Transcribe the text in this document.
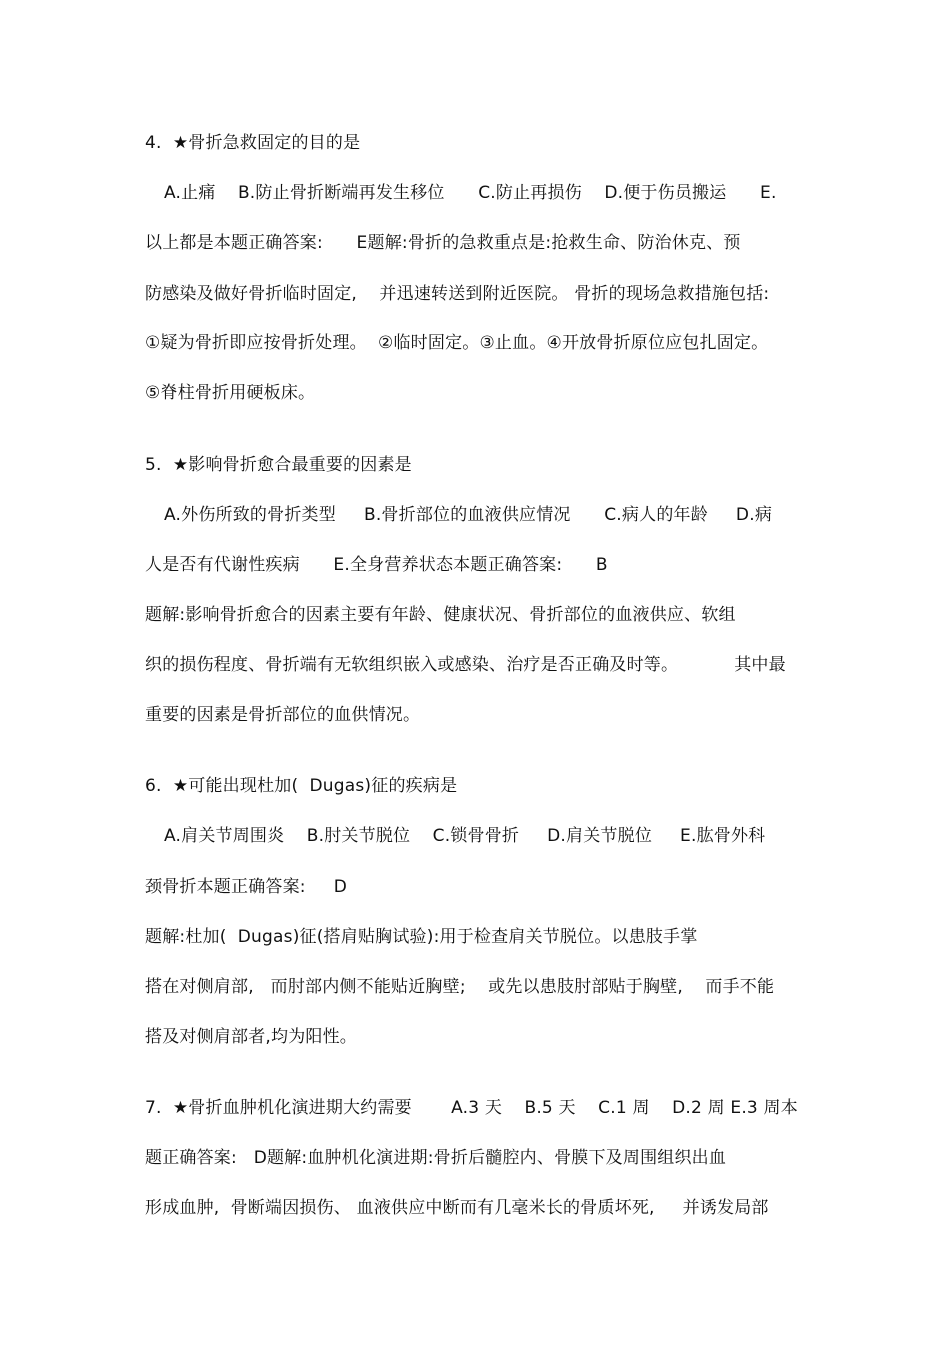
4.  ★骨折急救固定的目的是
A.止痛    B.防止骨折断端再发生移位      C.防止再损伤    D.便于伤员搬运      E.
以上都是本题正确答案:      E题解:骨折的急救重点是:抢救生命、防治休克、预
防感染及做好骨折临时固定,    并迅速转送到附近医院。 骨折的现场急救措施包括:
①疑为骨折即应按骨折处理。  ②临时固定。③止血。④开放骨折原位应包扎固定。
⑤脊柱骨折用硬板床。
5.  ★影响骨折愈合最重要的因素是
A.外伤所致的骨折类型     B.骨折部位的血液供应情况      C.病人的年龄     D.病
人是否有代谢性疾病      E.全身营养状态本题正确答案:      B
题解:影响骨折愈合的因素主要有年龄、健康状况、骨折部位的血液供应、软组
织的损伤程度、骨折端有无软组织嵌入或感染、治疗是否正确及时等。          其中最
重要的因素是骨折部位的血供情况。
6.  ★可能出现杜加(  Dugas)征的疾病是
A.肩关节周围炎    B.肘关节脱位    C.锁骨骨折     D.肩关节脱位     E.肱骨外科
颈骨折本题正确答案:     D
题解:杜加(  Dugas)征(搭肩贴胸试验):用于检查肩关节脱位。以患肢手掌
搭在对侧肩部,   而肘部内侧不能贴近胸壁;    或先以患肢肘部贴于胸壁,    而手不能
搭及对侧肩部者,均为阳性。
7.  ★骨折血肿机化演进期大约需要       A.3 天    B.5 天    C.1 周    D.2 周 E.3 周本
题正确答案:   D题解:血肿机化演进期:骨折后髓腔内、骨膜下及周围组织出血
形成血肿,  骨断端因损伤、 血液供应中断而有几毫米长的骨质坏死,     并诱发局部
